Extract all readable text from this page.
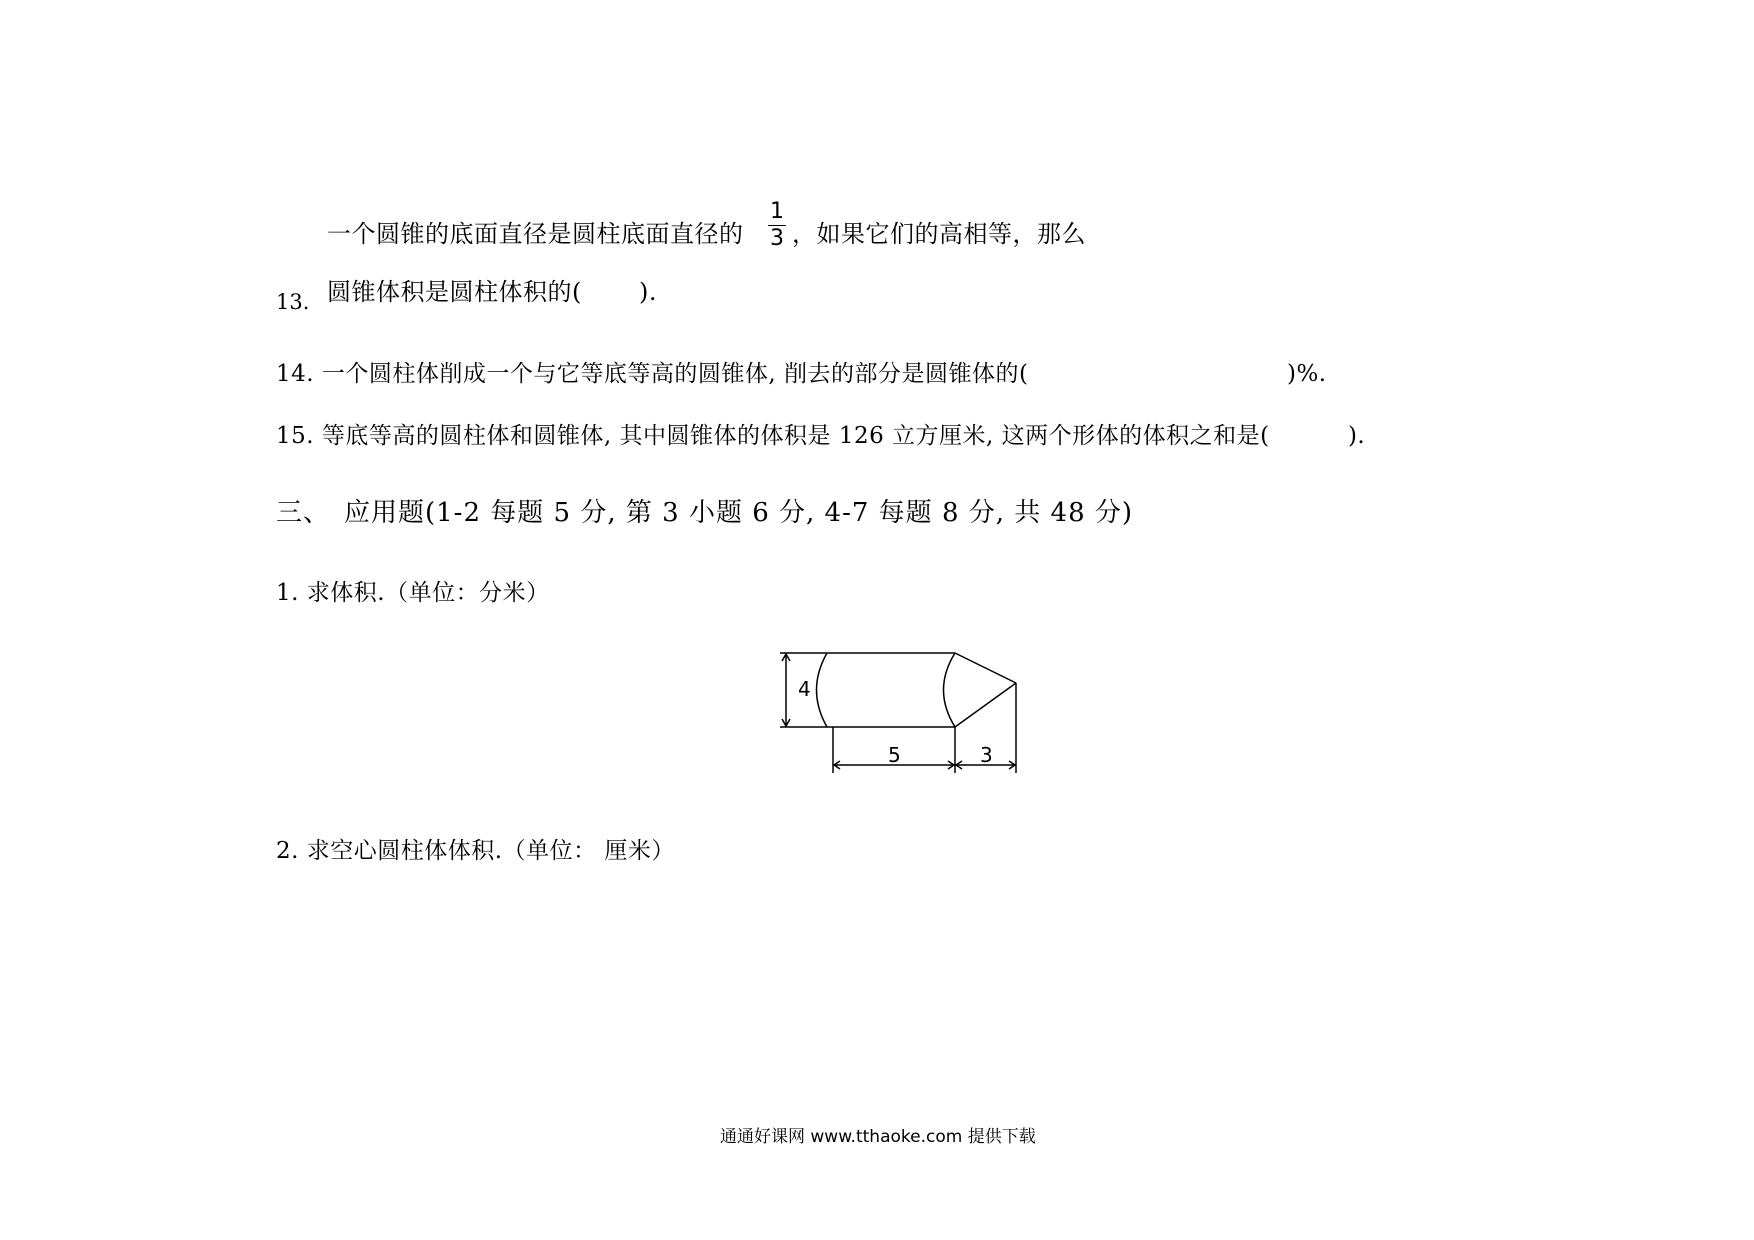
一个圆锥的底面直径是圆柱底面直径的
1
3 ，如果它们的高相等，那么
圆锥体积是圆柱体积的(　　 ).
13.
14. 一个圆柱体削成一个与它等底等高的圆锥体, 削去的部分是圆锥体的(　　　　　　　　　　　)%.
15. 等底等高的圆柱体和圆锥体, 其中圆锥体的体积是 126 立方厘米, 这两个形体的体积之和是(　　　 ).
三、　应用题(1-2 每题 5 分, 第 3 小题 6 分, 4-7 每题 8 分, 共 48 分)
1. 求体积.（单位：分米）
4
5	3
2. 求空心圆柱体体积.（单位： 厘米）
通通好课网 www.tthaoke.com 提供下载
